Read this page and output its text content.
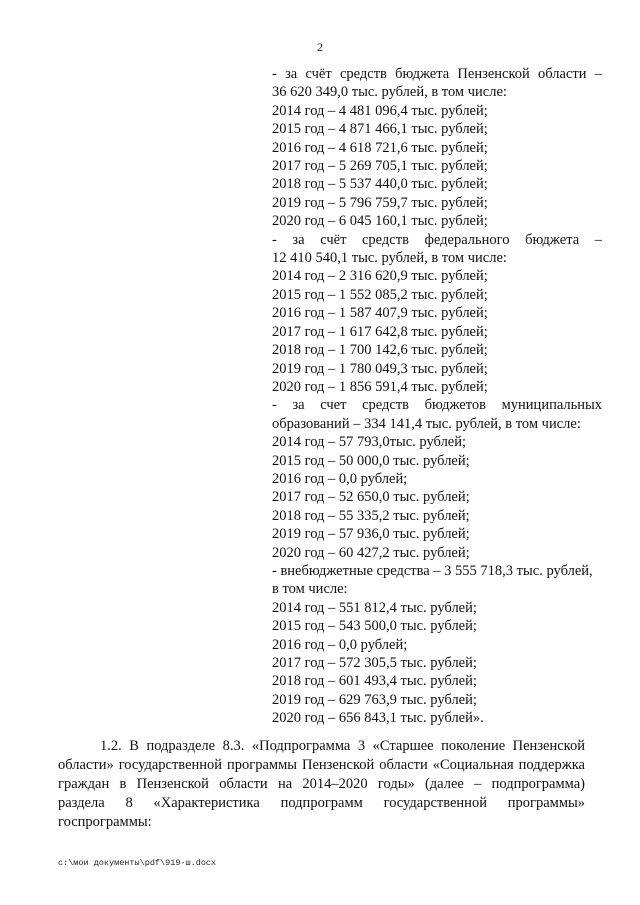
2
- за счёт средств бюджета Пензенской области –
36 620 349,0 тыс. рублей, в том числе:
2014 год – 4 481 096,4 тыс. рублей;
2015 год – 4 871 466,1 тыс. рублей;
2016 год – 4 618 721,6 тыс. рублей;
2017 год – 5 269 705,1 тыс. рублей;
2018 год – 5 537 440,0 тыс. рублей;
2019 год – 5 796 759,7 тыс. рублей;
2020 год – 6 045 160,1 тыс. рублей;
- за счёт средств федерального бюджета –
12 410 540,1 тыс. рублей, в том числе:
2014 год – 2 316 620,9 тыс. рублей;
2015 год – 1 552 085,2 тыс. рублей;
2016 год – 1 587 407,9 тыс. рублей;
2017 год – 1 617 642,8 тыс. рублей;
2018 год – 1 700 142,6 тыс. рублей;
2019 год – 1 780 049,3 тыс. рублей;
2020 год – 1 856 591,4 тыс. рублей;
- за счет средств бюджетов муниципальных
образований – 334 141,4 тыс. рублей, в том числе:
2014 год – 57 793,0тыс. рублей;
2015 год – 50 000,0 тыс. рублей;
2016 год – 0,0 рублей;
2017 год – 52 650,0 тыс. рублей;
2018 год – 55 335,2 тыс. рублей;
2019 год – 57 936,0 тыс. рублей;
2020 год – 60 427,2 тыс. рублей;
- внебюджетные средства – 3 555 718,3 тыс. рублей,
в том числе:
2014 год – 551 812,4 тыс. рублей;
2015 год – 543 500,0 тыс. рублей;
2016 год – 0,0 рублей;
2017 год – 572 305,5 тыс. рублей;
2018 год – 601 493,4 тыс. рублей;
2019 год – 629 763,9 тыс. рублей;
2020 год – 656 843,1 тыс. рублей».
1.2. В подразделе 8.3. «Подпрограмма 3 «Старшее поколение Пензенской
области» государственной программы Пензенской области «Социальная поддержка
граждан в Пензенской области на 2014–2020 годы» (далее – подпрограмма)
раздела 8 «Характеристика подпрограмм государственной программы»
госпрограммы:
c:\мои документы\pdf\919-ш.docx
